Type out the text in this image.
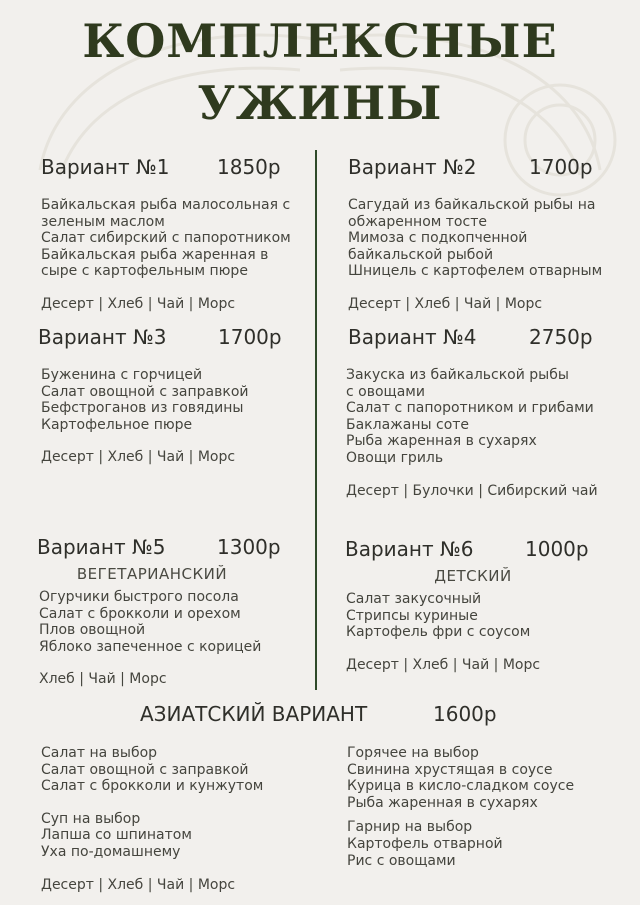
КОМПЛЕКСНЫЕ
УЖИНЫ
Вариант №1 1850р
Байкальская рыба малосольная с
зеленым маслом
Салат сибирский с папоротником
Байкальская рыба жаренная в
сыре с картофельным пюре
Десерт | Хлеб | Чай | Морс
Вариант №2	1700р
Сагудай из байкальской рыбы на
обжаренном тосте
Мимоза с подкопченной
байкальской рыбой
Шницель с картофелем отварным
Десерт | Хлеб | Чай | Морс
Вариант №3	1700р
Буженина с горчицей
Салат овощной с заправкой
Бефстроганов из говядины
Картофельное пюре
Десерт | Хлеб | Чай | Морс
Вариант №4	2750р
Закуска из байкальской рыбы
с овощами
Салат с папоротником и грибами
Баклажаны соте
Рыба жаренная в сухарях
Овощи гриль
Десерт | Булочки | Сибирский чай
Вариант №5	1300р
ВЕГЕТАРИАНСКИЙ
Огурчики быстрого посола
Салат с брокколи и орехом
Плов овощной
Яблоко запеченное с корицей
Хлеб | Чай | Морс
Вариант №6	1000р
ДЕТСКИЙ
Салат закусочный
Стрипсы куриные
Картофель фри с соусом
Десерт | Хлеб | Чай | Морс
АЗИАТСКИЙ ВАРИАНТ	1600р
Салат на выбор
Салат овощной с заправкой
Салат с брокколи и кунжутом
Суп на выбор
Лапша со шпинатом
Уха по-домашнему
Десерт | Хлеб | Чай | Морс
Горячее на выбор
Свинина хрустящая в соусе
Курица в кисло-сладком соусе
Рыба жаренная в сухарях
Гарнир на выбор
Картофель отварной
Рис с овощами
